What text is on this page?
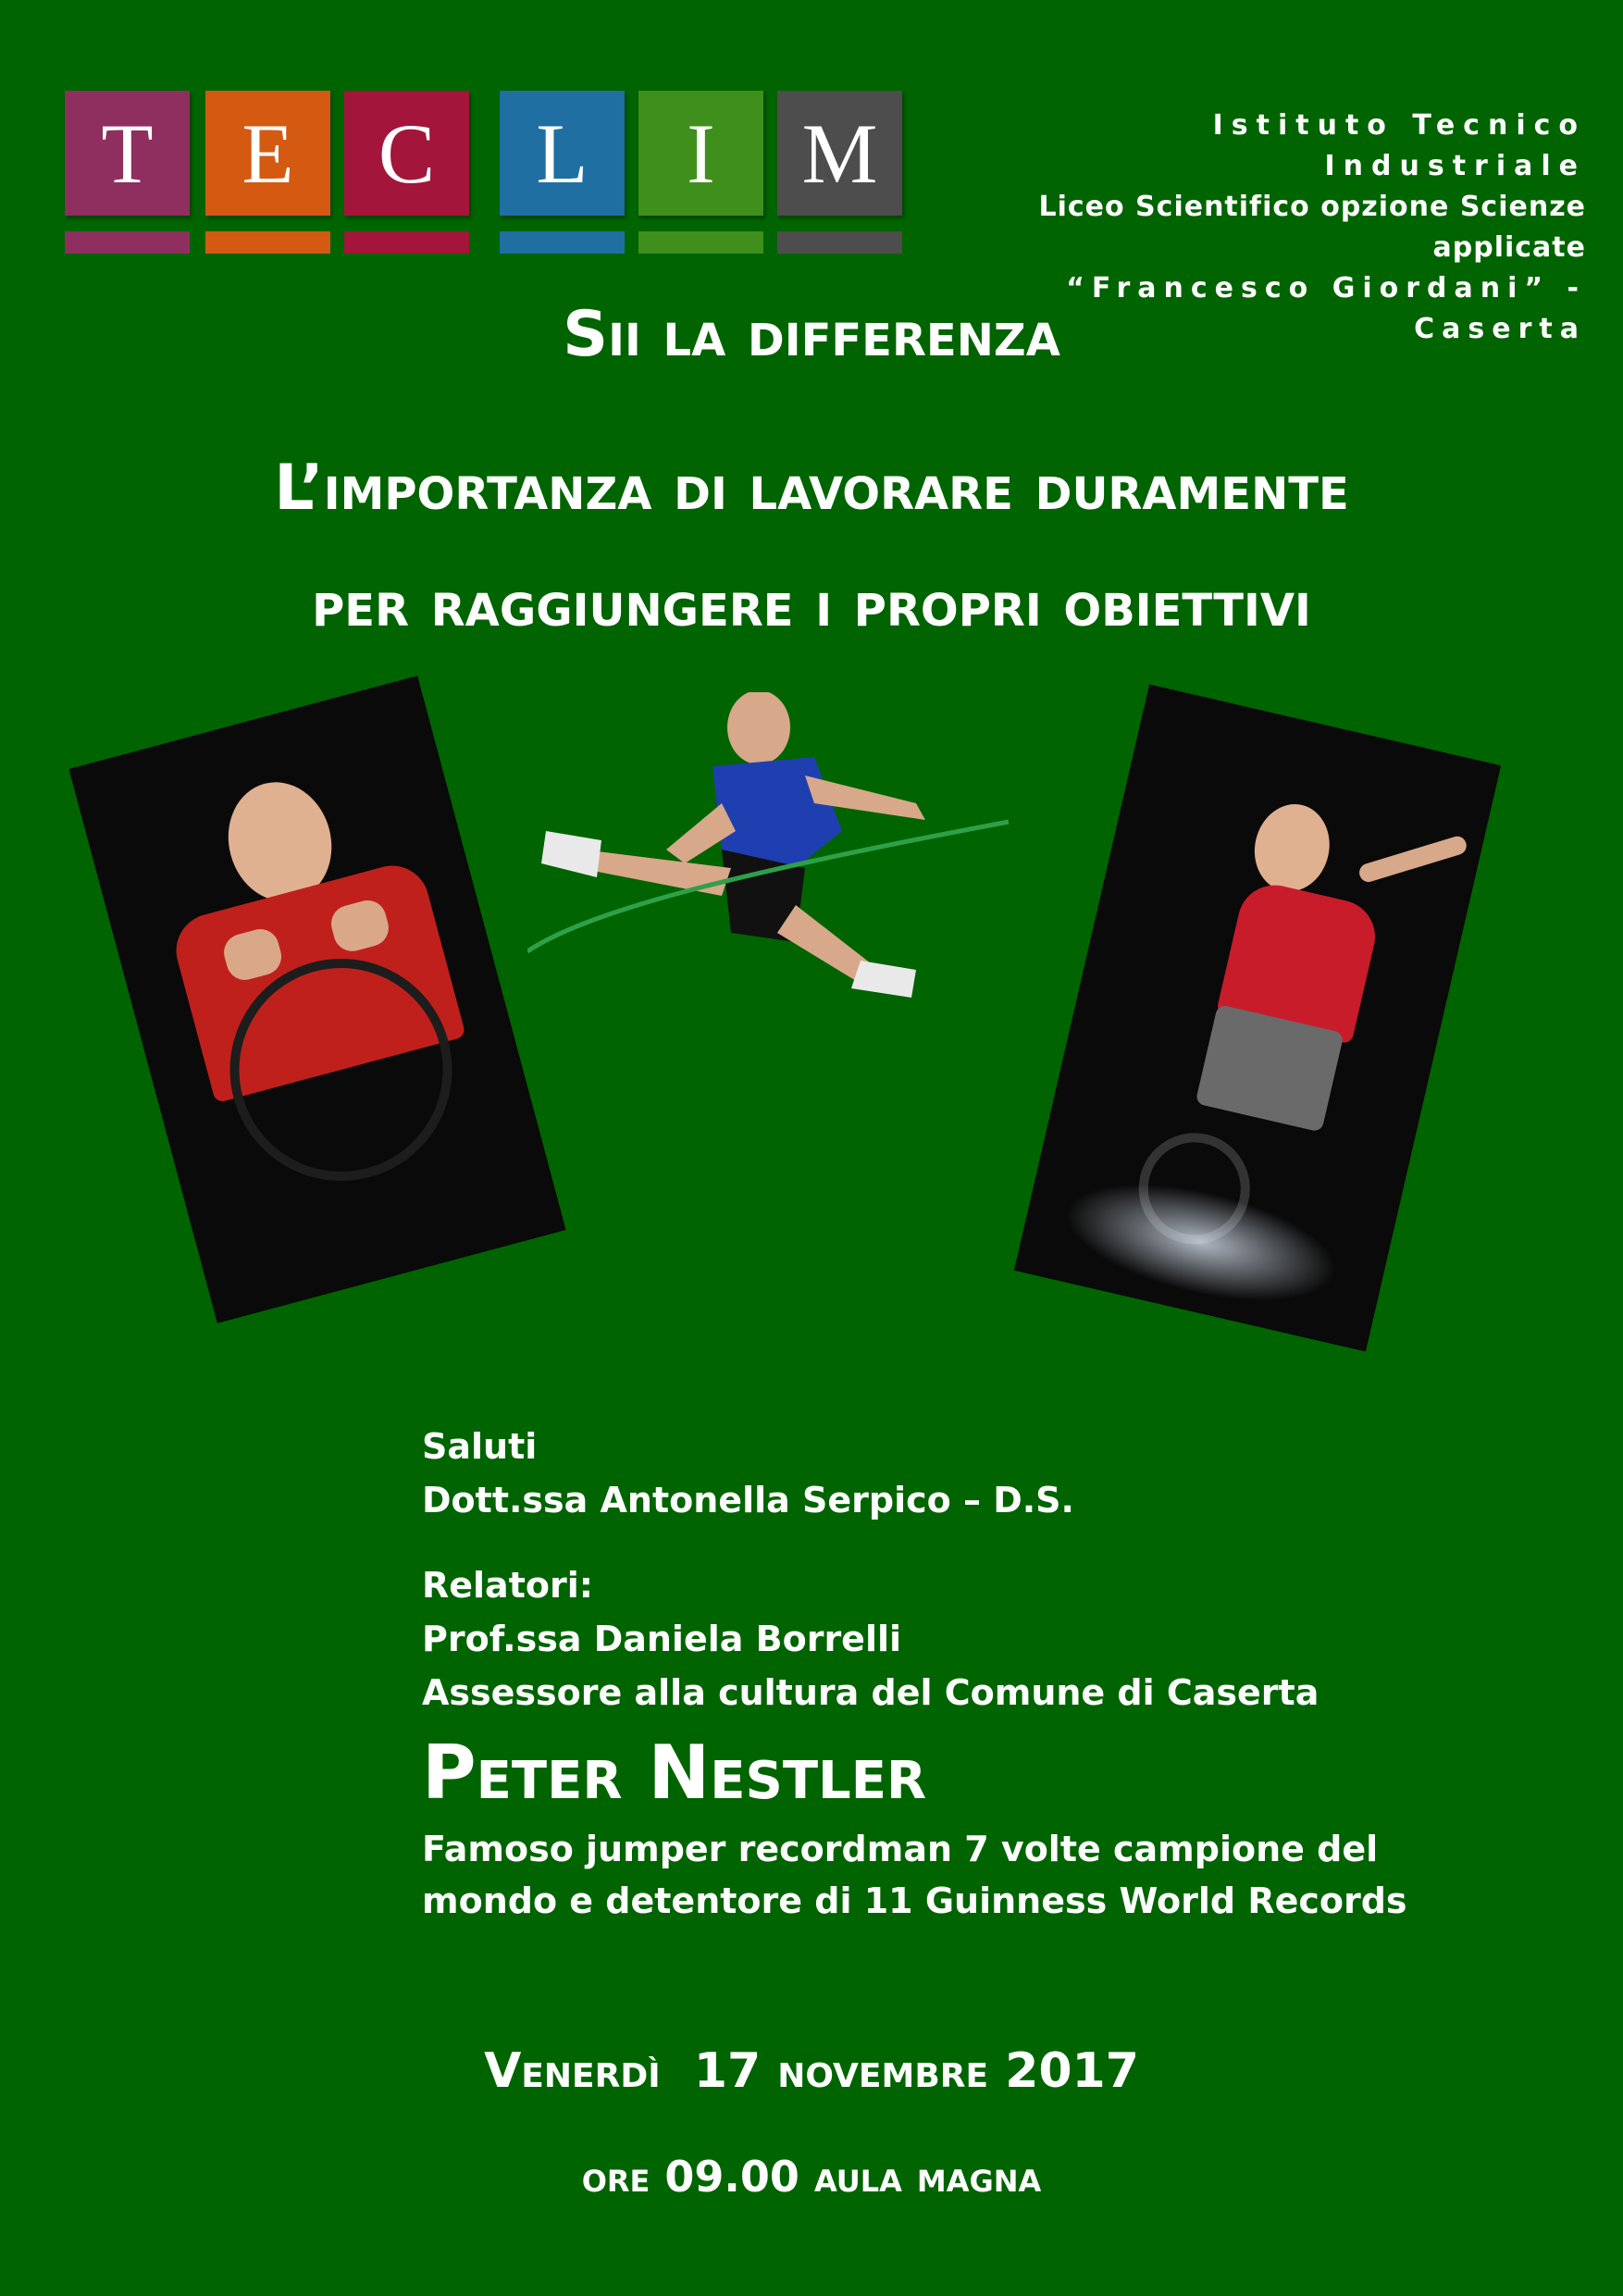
T E C L I M	Istituto Tecnico Industriale
Liceo Scientifico opzione Scienze applicate
“Francesco Giordani” - Caserta
Sii la differenza
L’importanza di lavorare duramente
per raggiungere i propri obiettivi
Saluti
Dott.ssa Antonella Serpico – D.S.
Relatori:
Prof.ssa Daniela Borrelli
Assessore alla cultura del Comune di Caserta
Peter Nestler
Famoso jumper recordman 7 volte campione del
mondo e detentore di 11 Guinness World Records
Venerdì  17 novembre 2017
ore 09.00 aula magna
